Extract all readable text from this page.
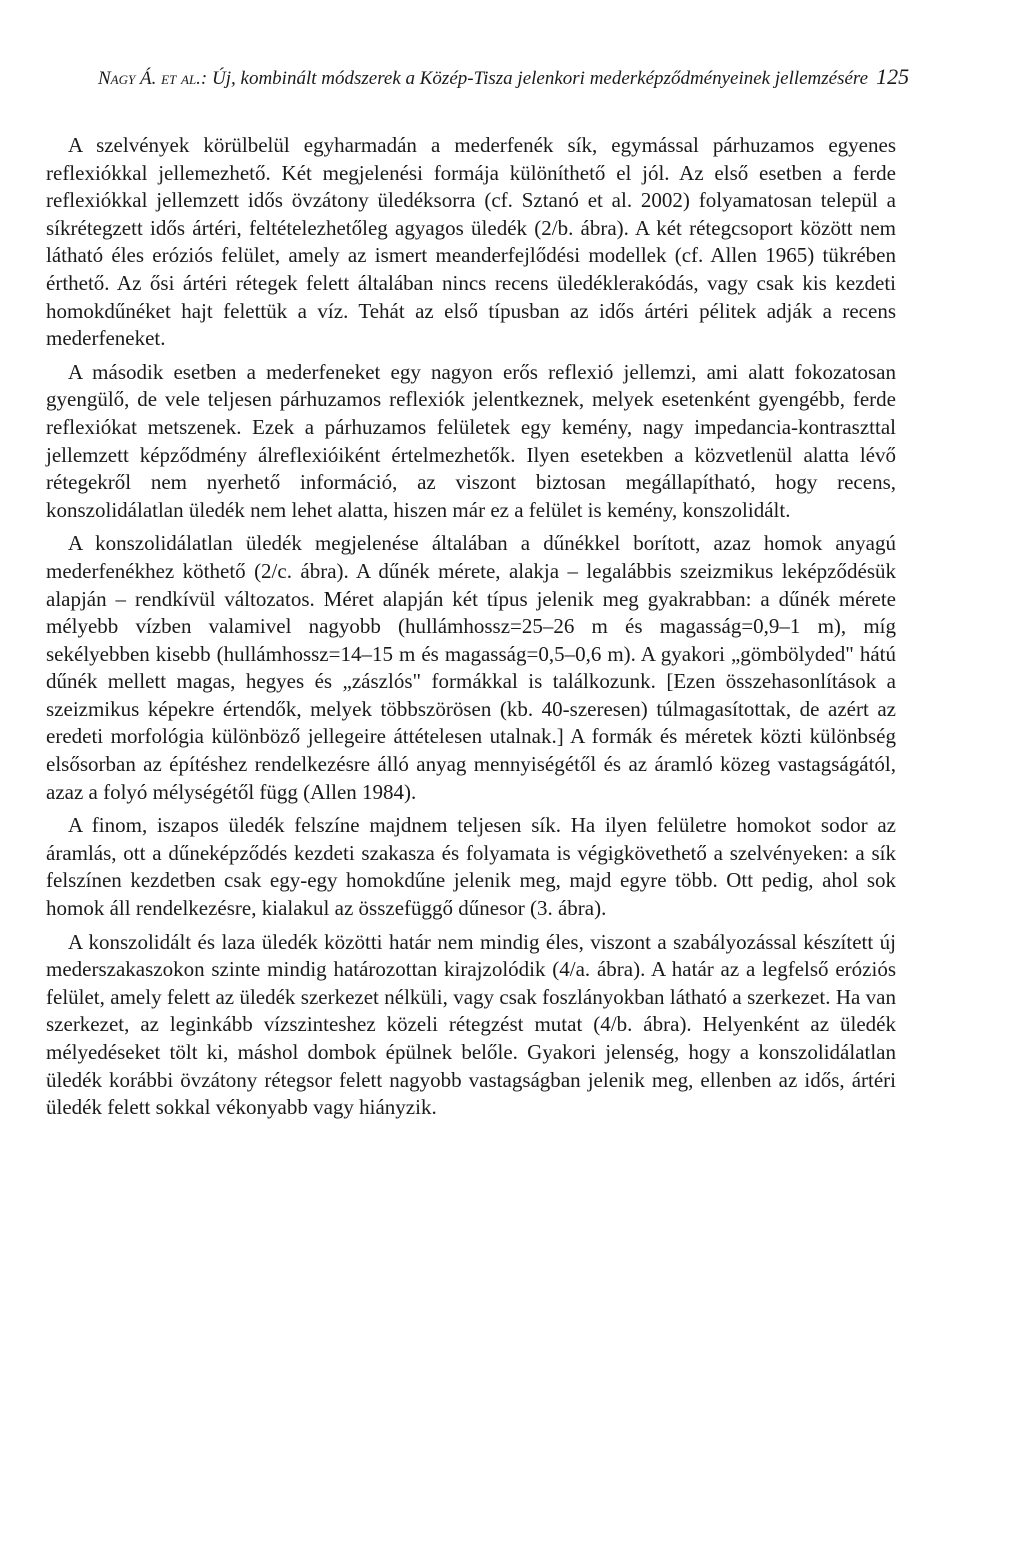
Nagy Á. et al.: Új, kombinált módszerek a Közép-Tisza jelenkori mederképződményeinek jellemzésére 125

A szelvények körülbelül egyharmadán a mederfenék sík, egymással párhuzamos egyenes reflexiókkal jellemezhető. Két megjelenési formája különíthető el jól. Az első esetben a ferde reflexiókkal jellemzett idős övzátony üledéksorra (cf. Sztanó et al. 2002) folyamatosan települ a síkrétegzett idős ártéri, feltételezhetőleg agyagos üledék (2/b. ábra). A két rétegcsoport között nem látható éles eróziós felület, amely az ismert meanderfejlődési modellek (cf. Allen 1965) tükrében érthető. Az ősi ártéri rétegek felett általában nincs recens üledéklerakódás, vagy csak kis kezdeti homokdűnéket hajt felettük a víz. Tehát az első típusban az idős ártéri pélitek adják a recens mederfeneket.

A második esetben a mederfeneket egy nagyon erős reflexió jellemzi, ami alatt fokozatosan gyengülő, de vele teljesen párhuzamos reflexiók jelentkeznek, melyek esetenként gyengébb, ferde reflexiókat metszenek. Ezek a párhuzamos felületek egy kemény, nagy impedancia-kontraszttal jellemzett képződmény álreflexióiként értelmezhetők. Ilyen esetekben a közvetlenül alatta lévő rétegekről nem nyerhető információ, az viszont biztosan megállapítható, hogy recens, konszolidálatlan üledék nem lehet alatta, hiszen már ez a felület is kemény, konszolidált.

A konszolidálatlan üledék megjelenése általában a dűnékkel borított, azaz homok anyagú mederfenékhez köthető (2/c. ábra). A dűnék mérete, alakja – legalábbis szeizmikus leképződésük alapján – rendkívül változatos. Méret alapján két típus jelenik meg gyakrabban: a dűnék mérete mélyebb vízben valamivel nagyobb (hullámhossz=25–26 m és magasság=0,9–1 m), míg sekélyebben kisebb (hullámhossz=14–15 m és magasság=0,5–0,6 m). A gyakori „gömbölyded" hátú dűnék mellett magas, hegyes és „zászlós" formákkal is találkozunk. [Ezen összehasonlítások a szeizmikus képekre értendők, melyek többszörösen (kb. 40-szeresen) túlmagasítottak, de azért az eredeti morfológia különböző jellegeire áttételesen utalnak.] A formák és méretek közti különbség elsősorban az építéshez rendelkezésre álló anyag mennyiségétől és az áramló közeg vastagságától, azaz a folyó mélységétől függ (Allen 1984).

A finom, iszapos üledék felszíne majdnem teljesen sík. Ha ilyen felületre homokot sodor az áramlás, ott a dűneképződés kezdeti szakasza és folyamata is végigkövethető a szelvényeken: a sík felszínen kezdetben csak egy-egy homokdűne jelenik meg, majd egyre több. Ott pedig, ahol sok homok áll rendelkezésre, kialakul az összefüggő dűnesor (3. ábra).

A konszolidált és laza üledék közötti határ nem mindig éles, viszont a szabályozással készített új mederszakaszokon szinte mindig határozottan kirajzolódik (4/a. ábra). A határ az a legfelső eróziós felület, amely felett az üledék szerkezet nélküli, vagy csak foszlányokban látható a szerkezet. Ha van szerkezet, az leginkább vízszinteshez közeli rétegzést mutat (4/b. ábra). Helyenként az üledék mélyedéseket tölt ki, máshol dombok épülnek belőle. Gyakori jelenség, hogy a konszolidálatlan üledék korábbi övzátony rétegsor felett nagyobb vastagságban jelenik meg, ellenben az idős, ártéri üledék felett sokkal vékonyabb vagy hiányzik.
